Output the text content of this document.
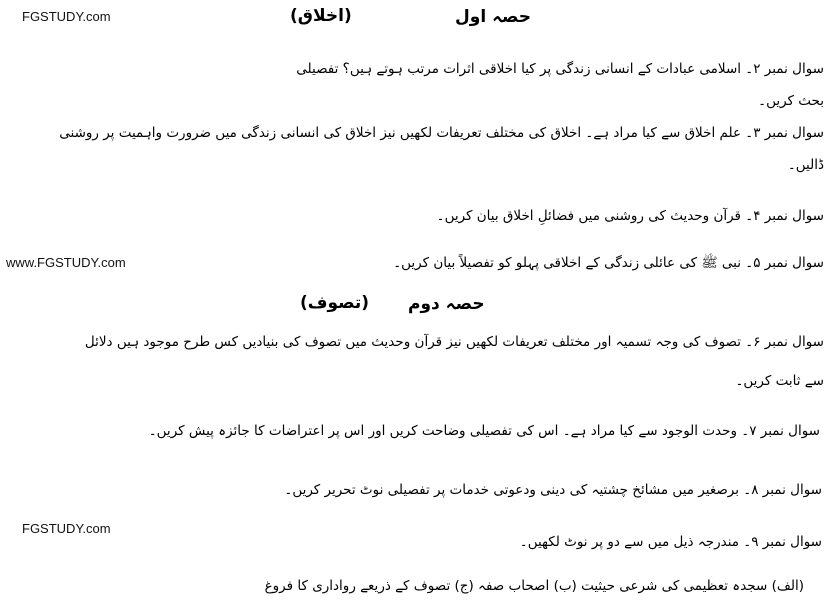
FGSTUDY.com	حصہ اول
(اخلاق)
سوال نمبر ۲۔ اسلامی عبادات کے انسانی زندگی پر کیا اخلاقی اثرات مرتب ہوتے ہیں؟ تفصیلی
بحث کریں۔
سوال نمبر ۳۔ علم اخلاق سے کیا مراد ہے۔ اخلاق کی مختلف تعریفات لکھیں نیز اخلاق کی انسانی زندگی میں ضرورت واہمیت پر روشنی
ڈالیں۔
سوال نمبر ۴۔ قرآن وحدیث کی روشنی میں فضائلِ اخلاق بیان کریں۔
www.FGSTUDY.com	سوال نمبر ۵۔ نبی ﷺ کی عائلی زندگی کے اخلاقی پہلو کو تفصیلاً بیان کریں۔
حصہ دوم
(تصوف)
سوال نمبر ۶۔ تصوف کی وجہ تسمیہ اور مختلف تعریفات لکھیں نیز قرآن وحدیث میں تصوف کی بنیادیں کس طرح موجود ہیں دلائل
سے ثابت کریں۔
سوال نمبر ۷۔ وحدت الوجود سے کیا مراد ہے۔ اس کی تفصیلی وضاحت کریں اور اس پر اعتراضات کا جائزہ پیش کریں۔
سوال نمبر ۸۔ برصغیر میں مشائخ چشتیہ کی دینی ودعوتی خدمات پر تفصیلی نوٹ تحریر کریں۔
FGSTUDY.com
سوال نمبر ۹۔ مندرجہ ذیل میں سے دو پر نوٹ لکھیں۔
(الف) سجدہ تعظیمی کی شرعی حیثیت (ب) اصحاب صفہ (ج) تصوف کے ذریعے رواداری کا فروغ
